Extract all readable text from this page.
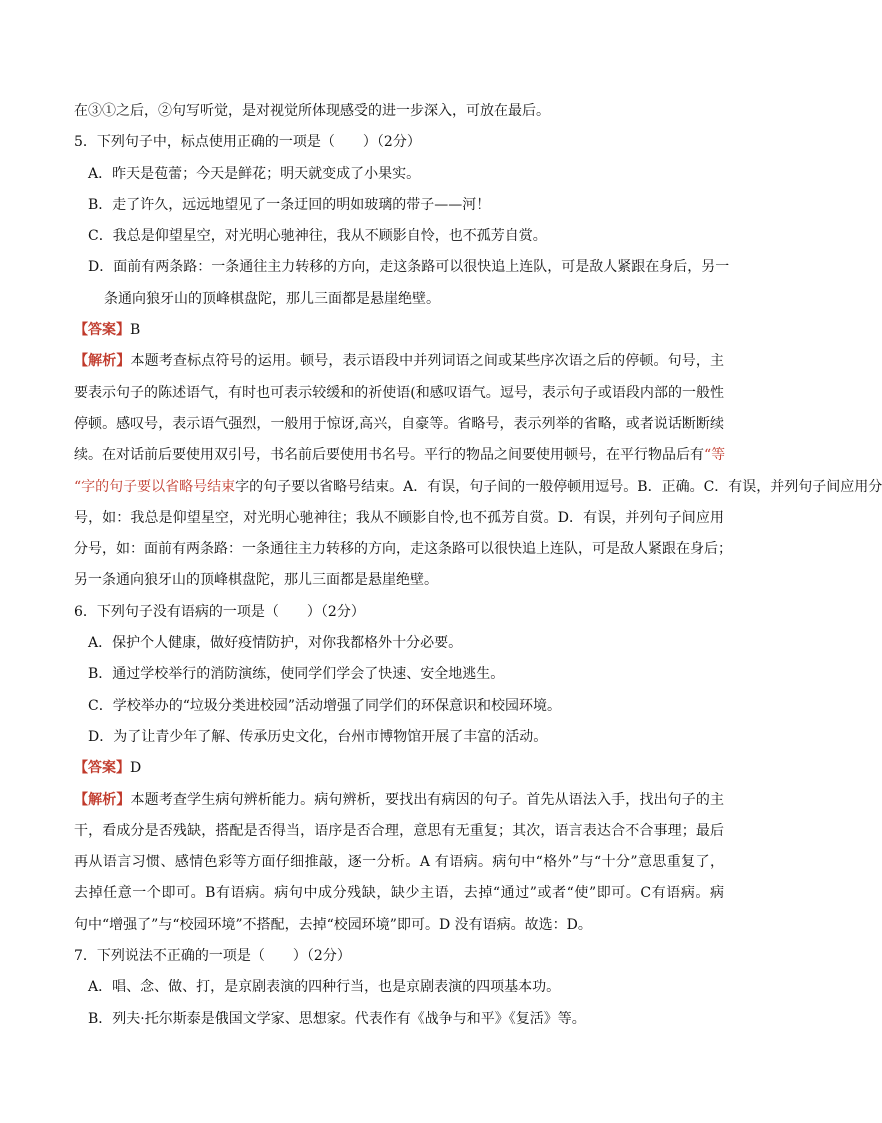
在③①之后，②句写听觉，是对视觉所体现感受的进一步深入，可放在最后。
5．下列句子中，标点使用正确的一项是（　　）（2分）
A．昨天是苞蕾；今天是鲜花；明天就变成了小果实。
B．走了许久，远远地望见了一条迂回的明如玻璃的带子——河！
C．我总是仰望星空，对光明心驰神往，我从不顾影自怜，也不孤芳自赏。
D．面前有两条路：一条通往主力转移的方向，走这条路可以很快追上连队，可是敌人紧跟在身后，另一
条通向狼牙山的顶峰棋盘陀，那儿三面都是悬崖绝壁。
【答案】B
【解析】本题考查标点符号的运用。顿号，表示语段中并列词语之间或某些序次语之后的停顿。句号，主
要表示句子的陈述语气，有时也可表示较缓和的祈使语(和感叹语气。逗号，表示句子或语段内部的一般性
停顿。感叹号，表示语气强烈，一般用于惊讶,高兴，自豪等。省略号，表示列举的省略，或者说话断断续
续。在对话前后要使用双引号，书名前后要使用书名号。平行的物品之间要使用顿号，在平行物品后有“等
“字的句子要以省略号结束字的句子要以省略号结束。A．有误，句子间的一般停顿用逗号。B．正确。C．有误，并列句子间应用分
号，如：我总是仰望星空，对光明心驰神往；我从不顾影自怜,也不孤芳自赏。D．有误，并列句子间应用
分号，如：面前有两条路：一条通往主力转移的方向，走这条路可以很快追上连队，可是敌人紧跟在身后；
另一条通向狼牙山的顶峰棋盘陀，那儿三面都是悬崖绝壁。
6．下列句子没有语病的一项是（　　）（2分）
A．保护个人健康，做好疫情防护，对你我都格外十分必要。
B．通过学校举行的消防演练，使同学们学会了快速、安全地逃生。
C．学校举办的“垃圾分类进校园”活动增强了同学们的环保意识和校园环境。
D．为了让青少年了解、传承历史文化，台州市博物馆开展了丰富的活动。
【答案】D
【解析】本题考查学生病句辨析能力。病句辨析，要找出有病因的句子。首先从语法入手，找出句子的主
干，看成分是否残缺，搭配是否得当，语序是否合理，意思有无重复；其次，语言表达合不合事理；最后
再从语言习惯、感情色彩等方面仔细推敲，逐一分析。A 有语病。病句中“格外”与“十分”意思重复了，
去掉任意一个即可。B有语病。病句中成分残缺，缺少主语，去掉“通过”或者“使”即可。C有语病。病
句中“增强了”与“校园环境”不搭配，去掉“校园环境”即可。D 没有语病。故选：D。
7．下列说法不正确的一项是（　　）（2分）
A．唱、念、做、打，是京剧表演的四种行当，也是京剧表演的四项基本功。
B．列夫·托尔斯泰是俄国文学家、思想家。代表作有《战争与和平》《复活》等。
